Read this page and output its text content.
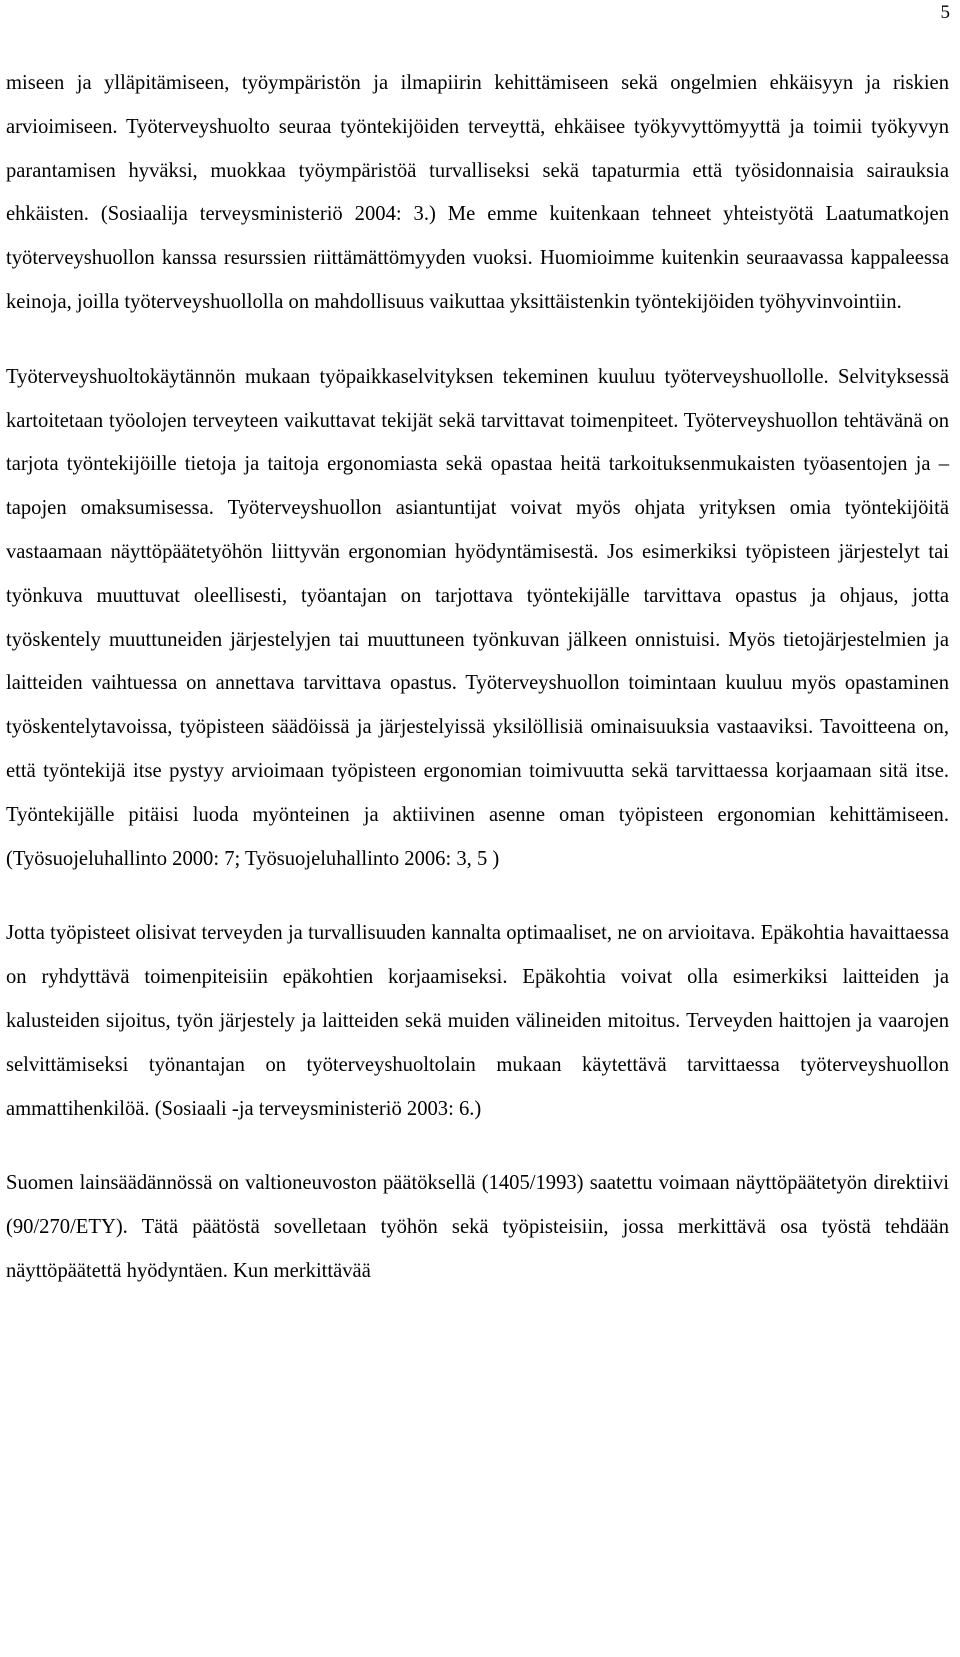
5

miseen ja ylläpitämiseen, työympäristön ja ilmapiirin kehittämiseen sekä ongelmien ehkäisyyn ja riskien arvioimiseen. Työterveyshuolto seuraa työntekijöiden terveyttä, ehkäisee työkyvyttömyyttä ja toimii työkyvyn parantamisen hyväksi, muokkaa työympäristöä turvalliseksi sekä tapaturmia että työsidonnaisia sairauksia ehkäisten. (Sosiaalija terveysministeriö 2004: 3.) Me emme kuitenkaan tehneet yhteistyötä Laatumatkojen työterveyshuollon kanssa resurssien riittämättömyyden vuoksi. Huomioimme kuitenkin seuraavassa kappaleessa keinoja, joilla työterveyshuollolla on mahdollisuus vaikuttaa yksittäistenkin työntekijöiden työhyvinvointiin.

Työterveyshuoltokäytännön mukaan työpaikkaselvityksen tekeminen kuuluu työterveyshuollolle. Selvityksessä kartoitetaan työolojen terveyteen vaikuttavat tekijät sekä tarvittavat toimenpiteet. Työterveyshuollon tehtävänä on tarjota työntekijöille tietoja ja taitoja ergonomiasta sekä opastaa heitä tarkoituksenmukaisten työasentojen ja –tapojen omaksumisessa. Työterveyshuollon asiantuntijat voivat myös ohjata yrityksen omia työntekijöitä vastaamaan näyttöpäätetyöhön liittyvän ergonomian hyödyntämisestä. Jos esimerkiksi työpisteen järjestelyt tai työnkuva muuttuvat oleellisesti, työantajan on tarjottava työntekijälle tarvittava opastus ja ohjaus, jotta työskentely muuttuneiden järjestelyjen tai muuttuneen työnkuvan jälkeen onnistuisi. Myös tietojärjestelmien ja laitteiden vaihtuessa on annettava tarvittava opastus. Työterveyshuollon toimintaan kuuluu myös opastaminen työskentelytavoissa, työpisteen säädöissä ja järjestelyissä yksilöllisiä ominaisuuksia vastaaviksi. Tavoitteena on, että työntekijä itse pystyy arvioimaan työpisteen ergonomian toimivuutta sekä tarvittaessa korjaamaan sitä itse. Työntekijälle pitäisi luoda myönteinen ja aktiivinen asenne oman työpisteen ergonomian kehittämiseen. (Työsuojeluhallinto 2000: 7; Työsuojeluhallinto 2006: 3, 5 )

Jotta työpisteet olisivat terveyden ja turvallisuuden kannalta optimaaliset, ne on arvioitava. Epäkohtia havaittaessa on ryhdyttävä toimenpiteisiin epäkohtien korjaamiseksi. Epäkohtia voivat olla esimerkiksi laitteiden ja kalusteiden sijoitus, työn järjestely ja laitteiden sekä muiden välineiden mitoitus. Terveyden haittojen ja vaarojen selvittämiseksi työnantajan on työterveyshuoltolain mukaan käytettävä tarvittaessa työterveyshuollon ammattihenkilöä. (Sosiaali -ja terveysministeriö 2003: 6.)

Suomen lainsäädännössä on valtioneuvoston päätöksellä (1405/1993) saatettu voimaan näyttöpäätetyön direktiivi (90/270/ETY). Tätä päätöstä sovelletaan työhön sekä työpisteisiin, jossa merkittävä osa työstä tehdään näyttöpäätettä hyödyntäen. Kun merkittävää
